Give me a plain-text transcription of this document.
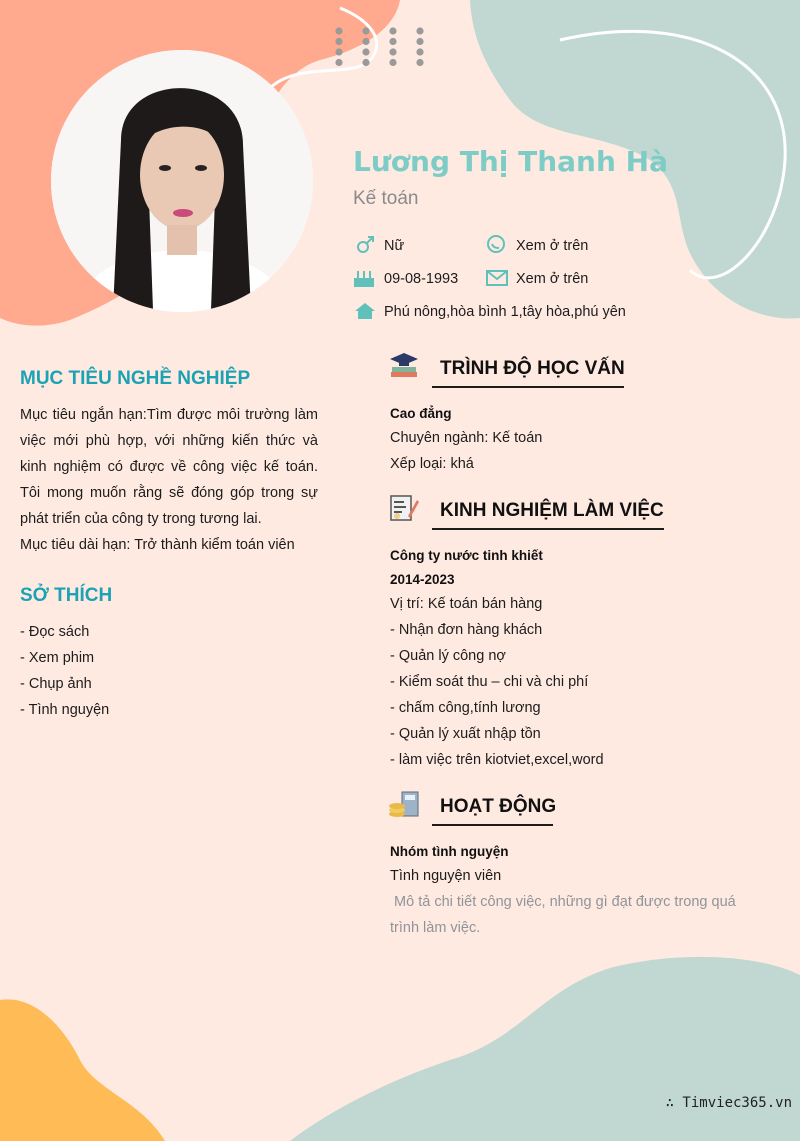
Lương Thị Thanh Hà
Kế toán
Nữ	Xem ở trên
09-08-1993	Xem ở trên
Phú nông,hòa bình 1,tây hòa,phú yên
MỤC TIÊU NGHỀ NGHIỆP
Mục tiêu ngắn hạn:Tìm được môi trường làm việc mới phù hợp, với những kiến thức và kinh nghiệm có được về công việc kế toán. Tôi mong muốn rằng sẽ đóng góp trong sự phát triển của công ty trong tương lai.
Mục tiêu dài hạn: Trở thành kiểm toán viên
SỞ THÍCH
- Đọc sách
- Xem phim
- Chụp ảnh
- Tình nguyện
TRÌNH ĐỘ HỌC VẤN
Cao đẳng
Chuyên ngành: Kế toán
Xếp loại: khá
KINH NGHIỆM LÀM VIỆC
Công ty nước tinh khiết
2014-2023
Vị trí: Kế toán bán hàng
- Nhận đơn hàng khách
- Quản lý công nợ
- Kiểm soát thu – chi và chi phí
- chấm công,tính lương
- Quản lý xuất nhập tồn
- làm việc trên kiotviet,excel,word
HOẠT ĐỘNG
Nhóm tình nguyện
Tình nguyện viên
Mô tả chi tiết công việc, những gì đạt được trong quá trình làm việc.
∴ Timviec365.vn
